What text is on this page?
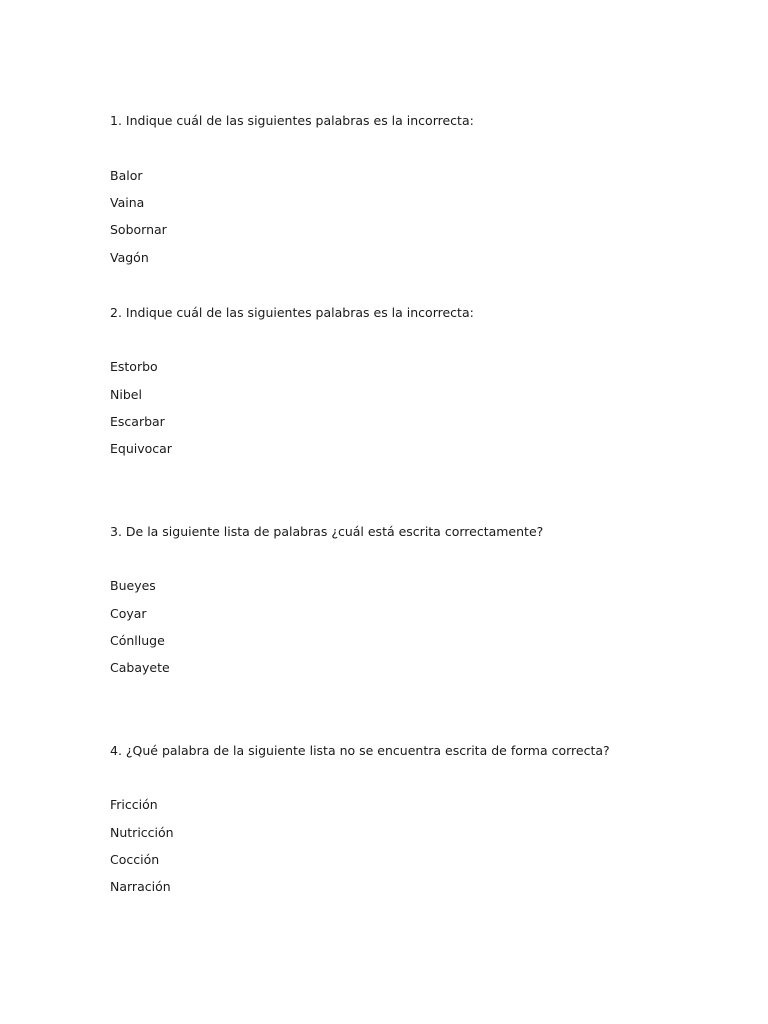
1. Indique cuál de las siguientes palabras es la incorrecta:
Balor
Vaina
Sobornar
Vagón
2. Indique cuál de las siguientes palabras es la incorrecta:
Estorbo
Nibel
Escarbar
Equivocar
3. De la siguiente lista de palabras ¿cuál está escrita correctamente?
Bueyes
Coyar
Cónlluge
Cabayete
4. ¿Qué palabra de la siguiente lista no se encuentra escrita de forma correcta?
Fricción
Nutricción
Cocción
Narración
